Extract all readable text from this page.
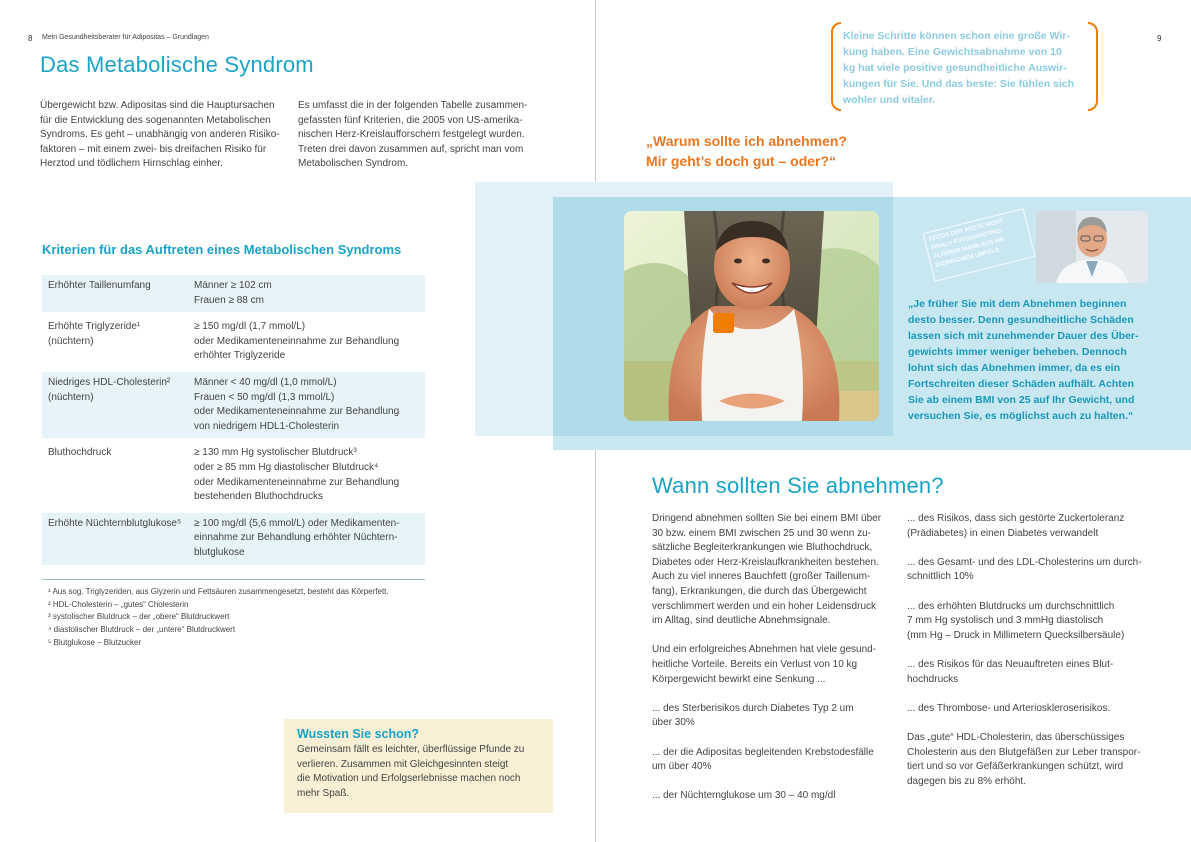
8 Mein Gesundheitsberater für Adipositas – Grundlagen
Das Metabolische Syndrom

Übergewicht bzw. Adipositas sind die Hauptursachen
für die Entwicklung des sogenannten Metabolischen
Syndroms. Es geht – unabhängig von anderen Risiko-
faktoren – mit einem zwei- bis dreifachen Risiko für
Herztod und tödlichem Hirnschlag einher.

Es umfasst die in der folgenden Tabelle zusammen-
gefassten fünf Kriterien, die 2005 von US-amerika-
nischen Herz-Kreislaufforschern festgelegt wurden.
Treten drei davon zusammen auf, spricht man vom
Metabolischen Syndrom.

Kriterien für das Auftreten eines Metabolischen Syndroms
Erhöhter Taillenumfang	Männer ≥ 102 cm
Frauen ≥ 88 cm

Erhöhte Triglyzeride¹
(nüchtern)	≥ 150 mg/dl (1,7 mmol/L)
oder Medikamenteneinnahme zur Behandlung
erhöhter Triglyzeride

Niedriges HDL-Cholesterin²
(nüchtern)	Männer < 40 mg/dl (1,0 mmol/L)
Frauen < 50 mg/dl (1,3 mmol/L)
oder Medikamenteneinnahme zur Behandlung
von niedrigem HDL1-Cholesterin

Bluthochdruck	≥ 130 mm Hg systolischer Blutdruck³
oder ≥ 85 mm Hg diastolischer Blutdruck⁴
oder Medikamenteneinnahme zur Behandlung
bestehenden Bluthochdrucks

Erhöhte Nüchternblutglukose⁵	≥ 100 mg/dl (5,6 mmol/L) oder Medikamenten-
einnahme zur Behandlung erhöhter Nüchtern-
blutglukose
¹ Aus sog. Triglyzeriden, aus Glyzerin und Fettsäuren zusammengesetzt, besteht das Körperfett.
² HDL-Cholesterin – „gutes“ Cholesterin
³ systolischer Blutdruck – der „obere“ Blutdruckwert
⁴ diastolischer Blutdruck – der „untere“ Blutdruckwert
⁵ Blutglukose – Blutzucker
Wussten Sie schon?
Gemeinsam fällt es leichter, überflüssige Pfunde zu
verlieren. Zusammen mit Gleichgesinnten steigt
die Motivation und Erfolgserlebnisse machen noch
mehr Spaß.
9

Kleine Schritte können schon eine große Wir-
kung haben. Eine Gewichtsabnahme von 10
kg hat viele positive gesundheitliche Auswir-
kungen für Sie. Und das beste: Sie fühlen sich
wohler und vitaler.

„Warum sollte ich abnehmen?
Mir geht’s doch gut – oder?“

FOTOS DER ARZTE NICHT
FINAL!! FOTOSHOOTING:
ÄLTERER MANN AUS ME-
DIZINISCHEM UMFELD

„Je früher Sie mit dem Abnehmen beginnen
desto besser. Denn gesundheitliche Schäden
lassen sich mit zunehmender Dauer des Über-
gewichts immer weniger beheben. Dennoch
lohnt sich das Abnehmen immer, da es ein
Fortschreiten dieser Schäden aufhält. Achten
Sie ab einem BMI von 25 auf Ihr Gewicht, und
versuchen Sie, es möglichst auch zu halten.“

Wann sollten Sie abnehmen?

Dringend abnehmen sollten Sie bei einem BMI über
30 bzw. einem BMI zwischen 25 und 30 wenn zu-
sätzliche Begleiterkrankungen wie Bluthochdruck,
Diabetes oder Herz-Kreislaufkrankheiten bestehen.
Auch zu viel inneres Bauchfett (großer Taillenum-
fang), Erkrankungen, die durch das Übergewicht
verschlimmert werden und ein hoher Leidensdruck
im Alltag, sind deutliche Abnehmsignale.

Und ein erfolgreiches Abnehmen hat viele gesund-
heitliche Vorteile. Bereits ein Verlust von 10 kg
Körpergewicht bewirkt eine Senkung ...

... des Sterberisikos durch Diabetes Typ 2 um
über 30%

... der die Adipositas begleitenden Krebstodesfälle
um über 40%

... der Nüchternglukose um 30 – 40 mg/dl

... des Risikos, dass sich gestörte Zuckertoleranz
(Prädiabetes) in einen Diabetes verwandelt

... des Gesamt- und des LDL-Cholesterins um durch-
schnittlich 10%

... des erhöhten Blutdrucks um durchschnittlich
7 mm Hg systolisch und 3 mmHg diastolisch
(mm Hg – Druck in Millimetern Quecksilbersäule)

... des Risikos für das Neuauftreten eines Blut-
hochdrucks

... des Thrombose- und Arterioskleroserisikos.

Das „gute“ HDL-Cholesterin, das überschüssiges
Cholesterin aus den Blutgefäßen zur Leber transpor-
tiert und so vor Gefäßerkrankungen schützt, wird
dagegen bis zu 8% erhöht.
